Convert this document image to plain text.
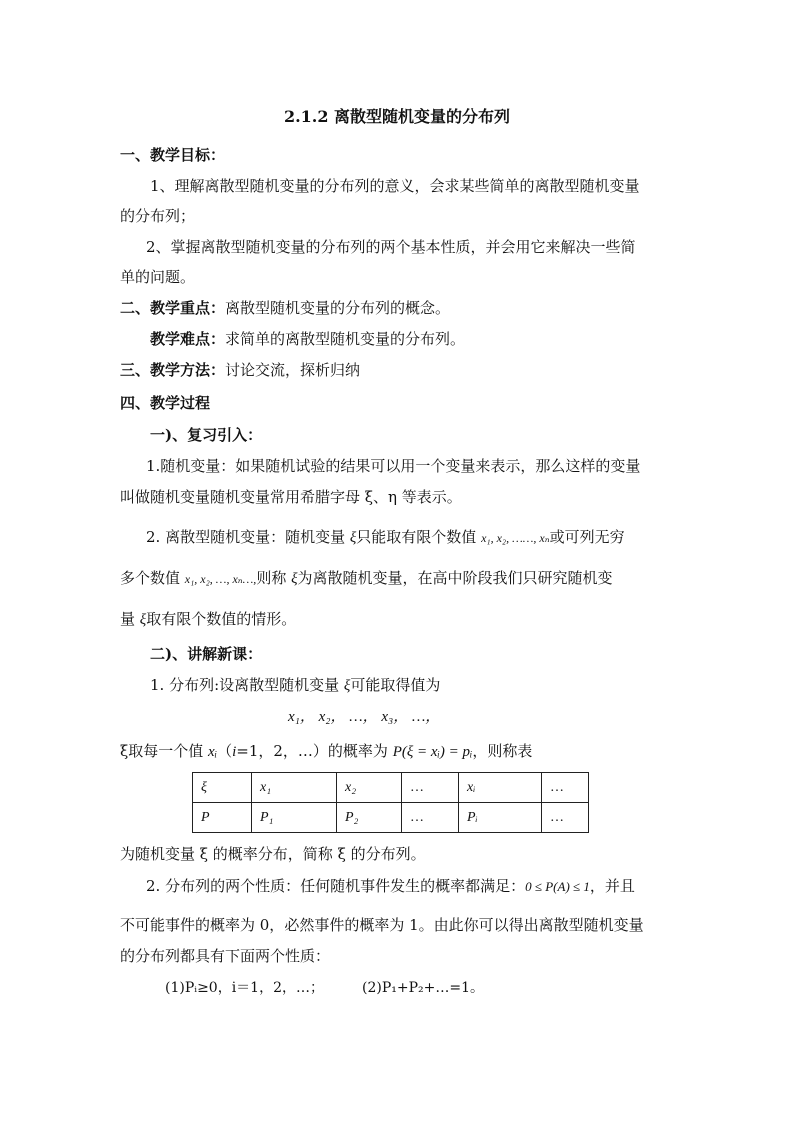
2.1.2 离散型随机变量的分布列
一、教学目标：
1、理解离散型随机变量的分布列的意义，会求某些简单的离散型随机变量
的分布列；
2、掌握离散型随机变量的分布列的两个基本性质，并会用它来解决一些简
单的问题。
二、教学重点：离散型随机变量的分布列的概念。
教学难点：求简单的离散型随机变量的分布列。
三、教学方法：讨论交流，探析归纳
四、教学过程
一)、复习引入：
1.随机变量：如果随机试验的结果可以用一个变量来表示，那么这样的变量
叫做随机变量随机变量常用希腊字母 ξ、η 等表示。
2. 离散型随机变量：随机变量 ξ只能取有限个数值 x₁, x₂, ……, xₙ或可列无穷
多个数值 x₁, x₂, …, xₙ…,则称 ξ为离散随机变量，在高中阶段我们只研究随机变
量 ξ取有限个数值的情形。
二)、讲解新课：
1. 分布列:设离散型随机变量 ξ可能取得值为
x₁， x₂， …， x₃， …，
ξ取每一个值 xᵢ（i=1，2，…）的概率为 P(ξ = xᵢ) = pᵢ，则称表
ξ	x₁	x₂	…	xᵢ	…
P	P₁	P₂	…	Pᵢ	…
为随机变量 ξ 的概率分布，简称 ξ 的分布列。
2. 分布列的两个性质：任何随机事件发生的概率都满足：0 ≤ P(A) ≤ 1，并且
不可能事件的概率为 0，必然事件的概率为 1。由此你可以得出离散型随机变量
的分布列都具有下面两个性质：
(1)Pᵢ≥0，i＝1，2，…；	(2)P₁+P₂+…=1。
